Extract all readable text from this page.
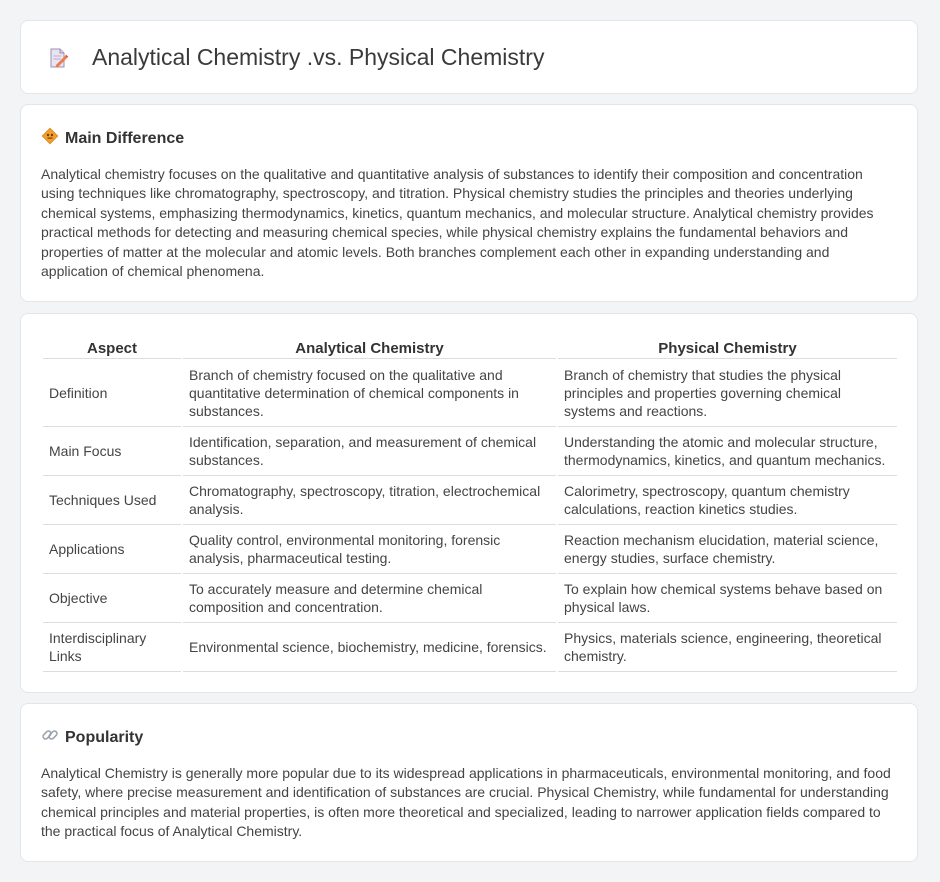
Analytical Chemistry .vs. Physical Chemistry
Main Difference

Analytical chemistry focuses on the qualitative and quantitative analysis of substances to identify their composition and concentration using techniques like chromatography, spectroscopy, and titration. Physical chemistry studies the principles and theories underlying chemical systems, emphasizing thermodynamics, kinetics, quantum mechanics, and molecular structure. Analytical chemistry provides practical methods for detecting and measuring chemical species, while physical chemistry explains the fundamental behaviors and properties of matter at the molecular and atomic levels. Both branches complement each other in expanding understanding and application of chemical phenomena.

Aspect	Analytical Chemistry	Physical Chemistry
Definition	Branch of chemistry focused on the qualitative and quantitative determination of chemical components in substances.	Branch of chemistry that studies the physical principles and properties governing chemical systems and reactions.
Main Focus	Identification, separation, and measurement of chemical substances.	Understanding the atomic and molecular structure, thermodynamics, kinetics, and quantum mechanics.
Techniques Used	Chromatography, spectroscopy, titration, electrochemical analysis.	Calorimetry, spectroscopy, quantum chemistry calculations, reaction kinetics studies.
Applications	Quality control, environmental monitoring, forensic analysis, pharmaceutical testing.	Reaction mechanism elucidation, material science, energy studies, surface chemistry.
Objective	To accurately measure and determine chemical composition and concentration.	To explain how chemical systems behave based on physical laws.
Interdisciplinary Links	Environmental science, biochemistry, medicine, forensics.	Physics, materials science, engineering, theoretical chemistry.
Popularity

Analytical Chemistry is generally more popular due to its widespread applications in pharmaceuticals, environmental monitoring, and food safety, where precise measurement and identification of substances are crucial. Physical Chemistry, while fundamental for understanding chemical principles and material properties, is often more theoretical and specialized, leading to narrower application fields compared to the practical focus of Analytical Chemistry.
